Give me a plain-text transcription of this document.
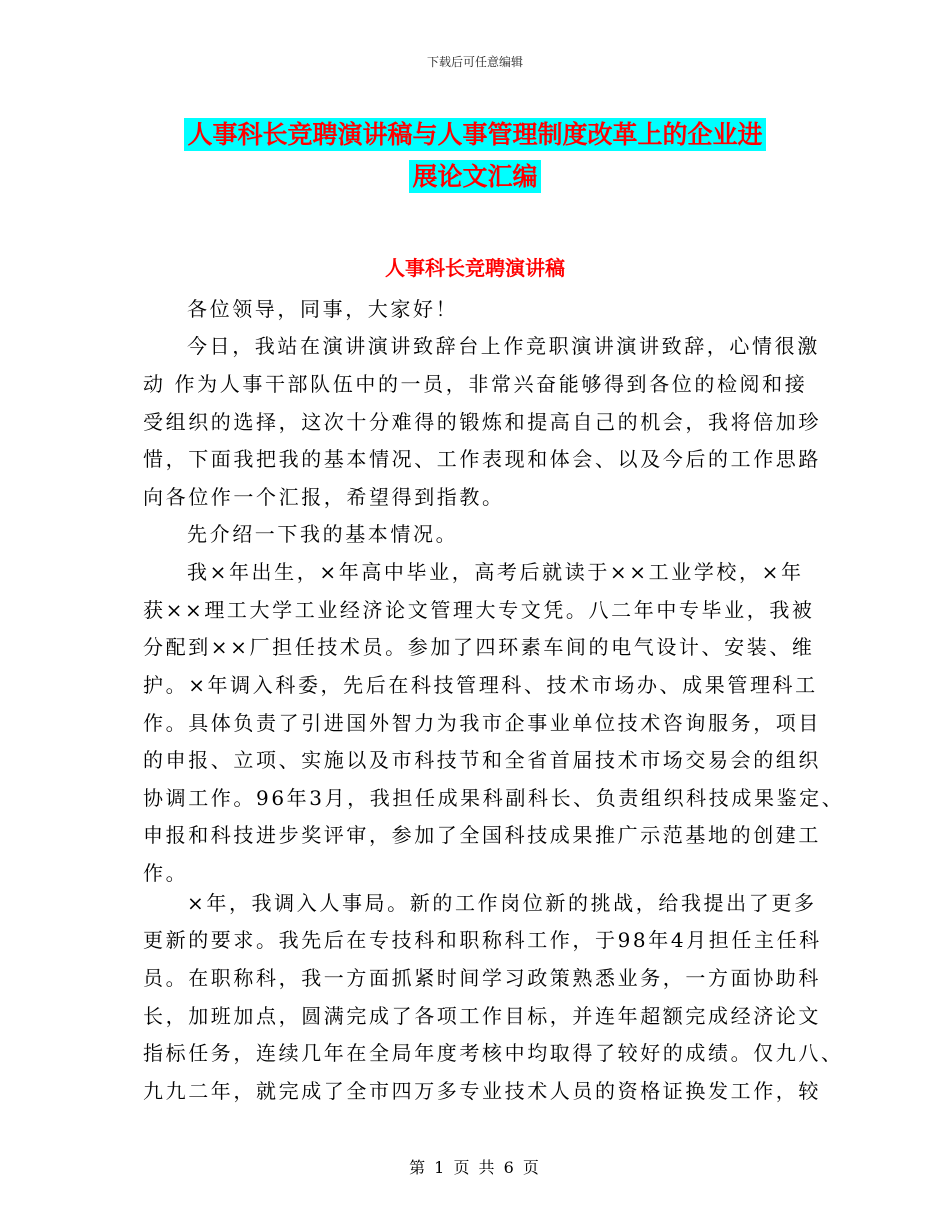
下载后可任意编辑
人事科长竞聘演讲稿与人事管理制度改革上的企业进
展论文汇编
人事科长竞聘演讲稿
各位领导，同事，大家好！
今日，我站在演讲演讲致辞台上作竞职演讲演讲致辞，心情很激
动 作为人事干部队伍中的一员，非常兴奋能够得到各位的检阅和接
受组织的选择，这次十分难得的锻炼和提高自己的机会，我将倍加珍
惜，下面我把我的基本情况、工作表现和体会、以及今后的工作思路
向各位作一个汇报，希望得到指教。
先介绍一下我的基本情况。
我×年出生，×年高中毕业，高考后就读于××工业学校，×年
获××理工大学工业经济论文管理大专文凭。八二年中专毕业，我被
分配到××厂担任技术员。参加了四环素车间的电气设计、安装、维
护。×年调入科委，先后在科技管理科、技术市场办、成果管理科工
作。具体负责了引进国外智力为我市企事业单位技术咨询服务，项目
的申报、立项、实施以及市科技节和全省首届技术市场交易会的组织
协调工作。96年3月，我担任成果科副科长、负责组织科技成果鉴定、
申报和科技进步奖评审，参加了全国科技成果推广示范基地的创建工
作。
×年，我调入人事局。新的工作岗位新的挑战，给我提出了更多
更新的要求。我先后在专技科和职称科工作，于98年4月担任主任科
员。在职称科，我一方面抓紧时间学习政策熟悉业务，一方面协助科
长，加班加点，圆满完成了各项工作目标，并连年超额完成经济论文
指标任务，连续几年在全局年度考核中均取得了较好的成绩。仅九八、
九九二年，就完成了全市四万多专业技术人员的资格证换发工作，较
第 1 页 共 6 页
